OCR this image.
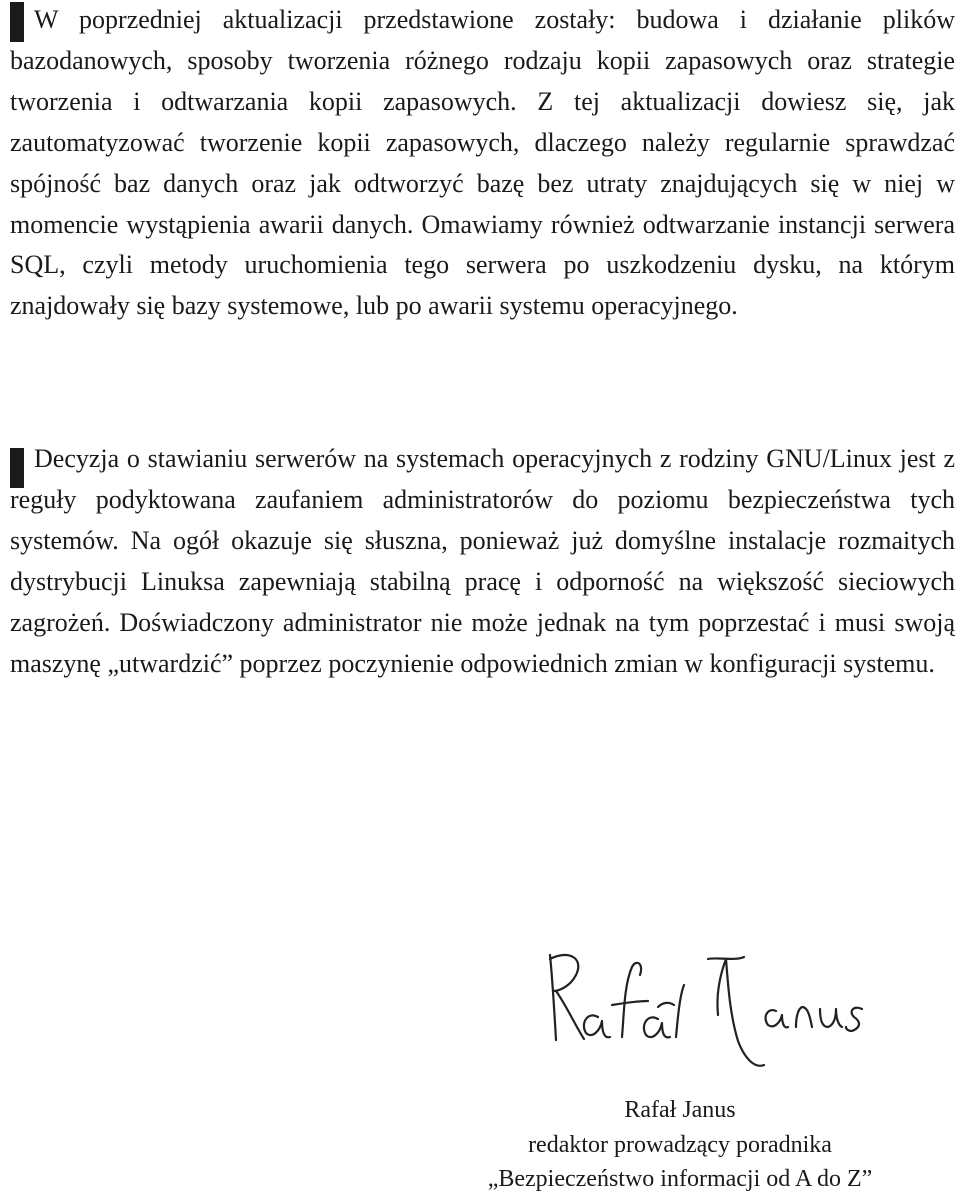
W poprzedniej aktualizacji przedstawione zostały: budowa i działanie plików bazodanowych, sposoby tworzenia różnego rodzaju kopii zapasowych oraz strategie tworzenia i odtwarzania kopii zapasowych. Z tej aktualizacji dowiesz się, jak zautomatyzować tworzenie kopii zapasowych, dlaczego należy regularnie sprawdzać spójność baz danych oraz jak odtworzyć bazę bez utraty znajdujących się w niej w momencie wystąpienia awarii danych. Omawiamy również odtwarzanie instancji serwera SQL, czyli metody uruchomienia tego serwera po uszkodzeniu dysku, na którym znajdowały się bazy systemowe, lub po awarii systemu operacyjnego.

Decyzja o stawianiu serwerów na systemach operacyjnych z rodziny GNU/Linux jest z reguły podyktowana zaufaniem administratorów do poziomu bezpieczeństwa tych systemów. Na ogół okazuje się słuszna, ponieważ już domyślne instalacje rozmaitych dystrybucji Linuksa zapewniają stabilną pracę i odporność na większość sieciowych zagrożeń. Doświadczony administrator nie może jednak na tym poprzestać i musi swoją maszynę „utwardzić” poprzez poczynienie odpowiednich zmian w konfiguracji systemu.

Rafał Janus
redaktor prowadzący poradnika
„Bezpieczeństwo informacji od A do Z”
